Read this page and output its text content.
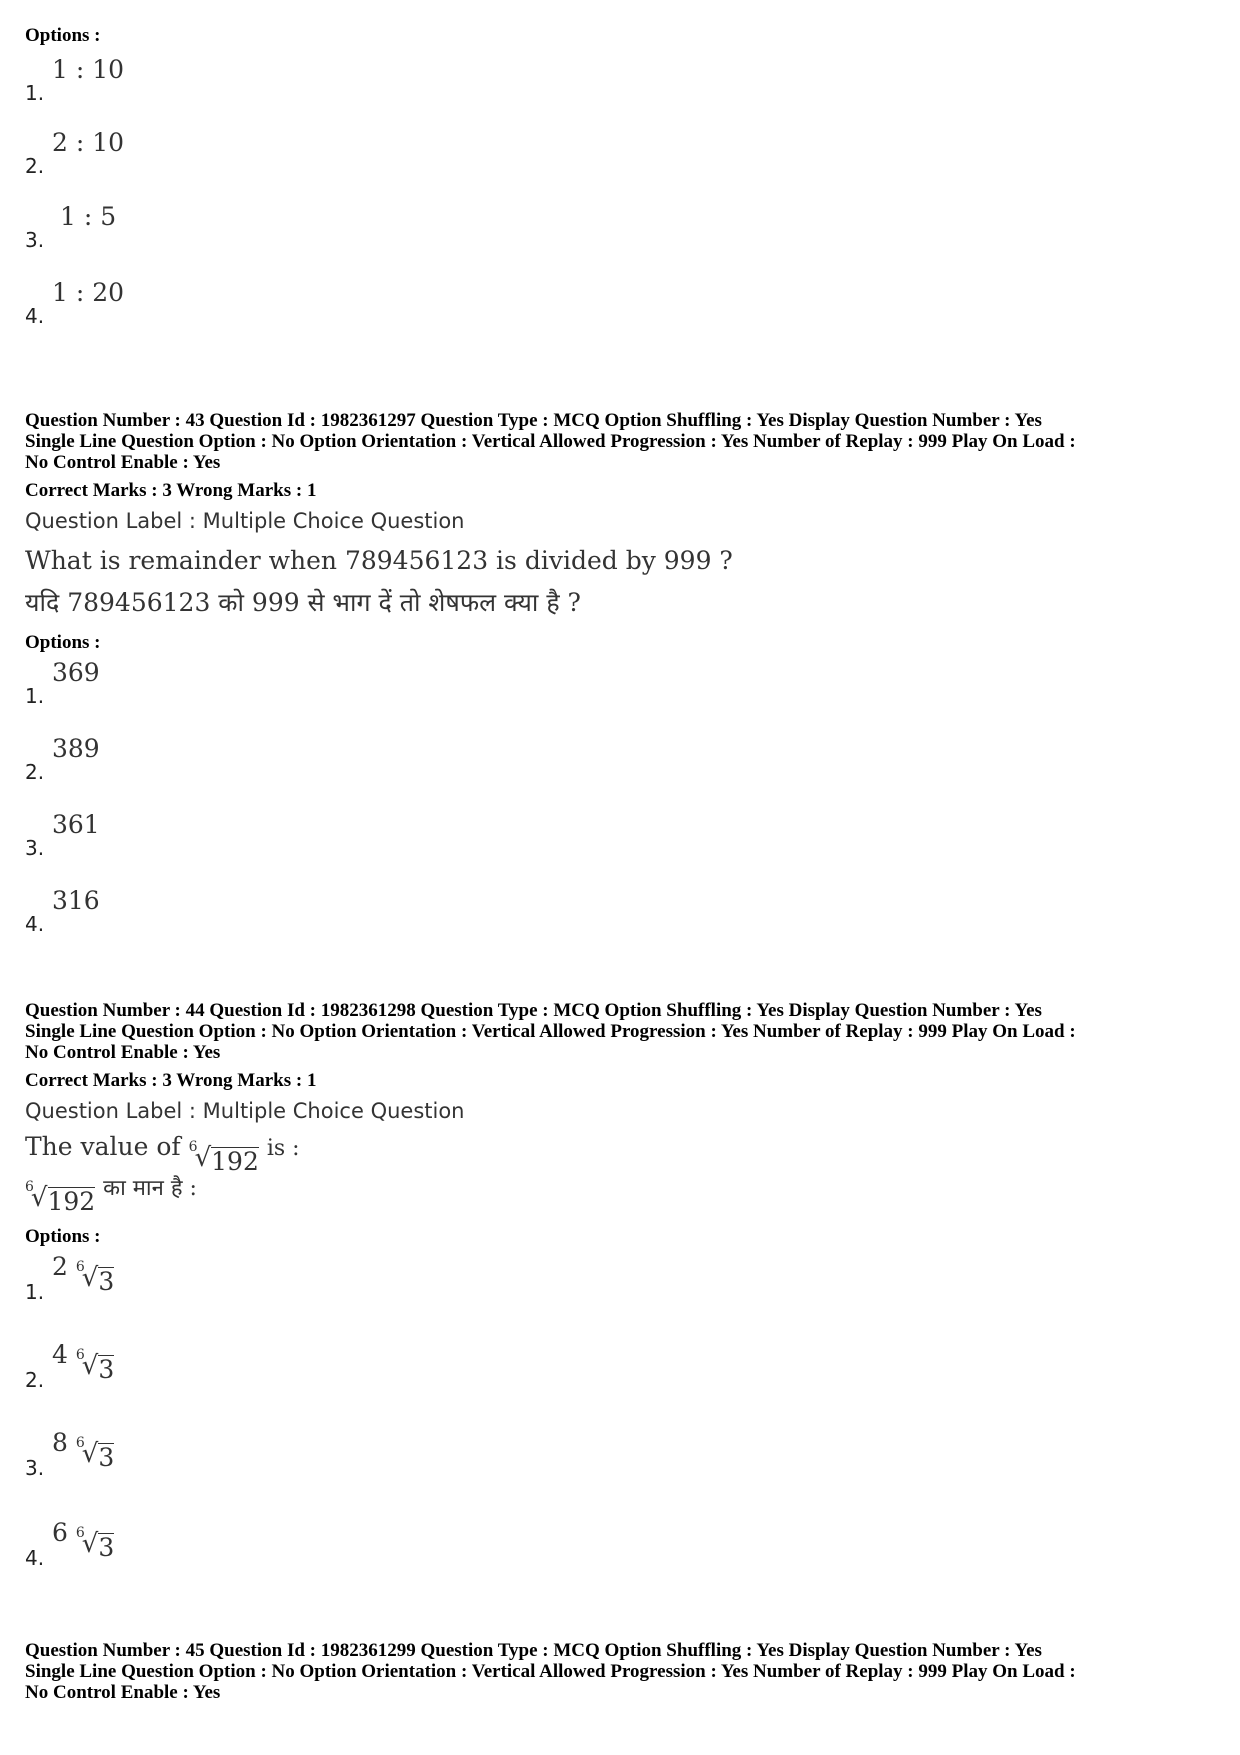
Options :
1.
1 : 10
2.
2 : 10
3.
1 : 5
4.
1 : 20
Question Number : 43 Question Id : 1982361297 Question Type : MCQ Option Shuffling : Yes Display Question Number : Yes
Single Line Question Option : No Option Orientation : Vertical Allowed Progression : Yes Number of Replay : 999 Play On Load :
No Control Enable : Yes
Correct Marks : 3 Wrong Marks : 1
Question Label : Multiple Choice Question
What is remainder when 789456123 is divided by 999 ?
यदि 789456123 को 999 से भाग दें तो शेषफल क्या है ?
Options :
1.
369
2.
389
3.
361
4.
316
Question Number : 44 Question Id : 1982361298 Question Type : MCQ Option Shuffling : Yes Display Question Number : Yes
Single Line Question Option : No Option Orientation : Vertical Allowed Progression : Yes Number of Replay : 999 Play On Load :
No Control Enable : Yes
Correct Marks : 3 Wrong Marks : 1
Question Label : Multiple Choice Question
The value of 6
√ 192 is :
6
√ 192 का मान है :
Options :
1.
2 6
√ 3
2.
4 6
√ 3
3.
8 6
√ 3
4.
6 6
√ 3
Question Number : 45 Question Id : 1982361299 Question Type : MCQ Option Shuffling : Yes Display Question Number : Yes
Single Line Question Option : No Option Orientation : Vertical Allowed Progression : Yes Number of Replay : 999 Play On Load :
No Control Enable : Yes
